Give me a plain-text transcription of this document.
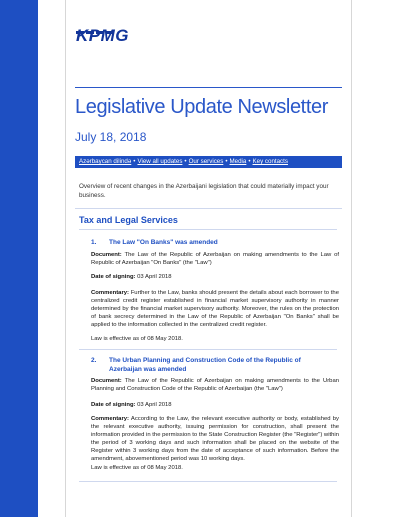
KPMG
Legislative Update Newsletter
July 18, 2018
Azərbaycan dilində • View all updates • Our services • Media • Key contacts
Overview of recent changes in the Azerbaijani legislation that could materially impact your business.
Tax and Legal Services
1. The Law "On Banks" was amended
Document: The Law of the Republic of Azerbaijan on making amendments to the Law of Republic of Azerbaijan "On Banks" (the "Law")
Date of signing: 03 April 2018
Commentary: Further to the Law, banks should present the details about each borrower to the centralized credit register established in financial market supervisory authority in manner determined by the financial market supervisory authority. Moreover, the rules on the protection of bank secrecy determined in the Law of the Republic of Azerbaijan "On Banks" shall be applied to the information collected in the centralized credit register.
Law is effective as of 08 May 2018.
2. The Urban Planning and Construction Code of the Republic of
Azerbaijan was amended
Document: The Law of the Republic of Azerbaijan on making amendments to the Urban Planning and Construction Code of the Republic of Azerbaijan (the "Law")
Date of signing: 03 April 2018
Commentary: According to the Law, the relevant executive authority or body, established by the relevant executive authority, issuing permission for construction, shall present the information provided in the permission to the State Construction Register (the "Register") within the period of 3 working days and such information shall be placed on the website of the Register within 3 working days from the date of acceptance of such information. Before the amendment, abovementioned period was 10 working days.
Law is effective as of 08 May 2018.
